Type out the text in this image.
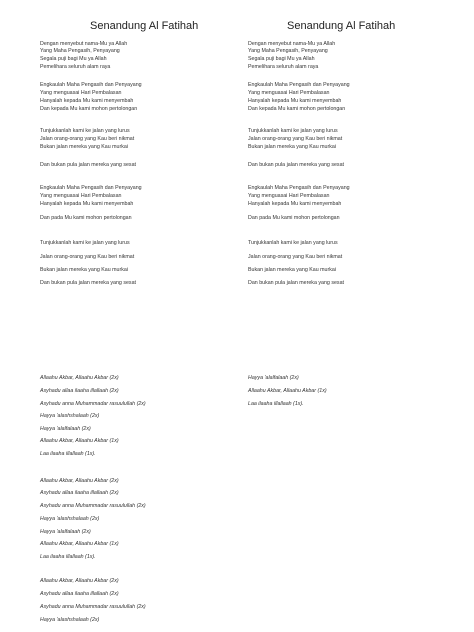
Senandung Al Fatihah	Senandung Al Fatihah
Dengan menyebut nama-Mu ya Allah
Yang Maha Pengasih, Penyayang
Segala puji bagi Mu ya Allah
Pemelihara seluruh alam raya
Engkaulah Maha Pengasih dan Penyayang
Yang menguasai Hari Pembalasan
Hanyalah kepada Mu kami menyembah
Dan kepada Mu kami mohon pertolongan
Tunjukkanlah kami ke jalan yang lurus
Jalan orang-orang yang Kau beri nikmat
Bukan jalan mereka yang Kau murkai
Dan bukan pula jalan mereka yang sesat
Engkaulah Maha Pengasih dan Penyayang
Yang menguasai Hari Pembalasan
Hanyalah kepada Mu kami menyembah
Dan pada Mu kami mohon pertolongan
Tunjukkanlah kami ke jalan yang lurus
Jalan orang-orang yang Kau beri nikmat
Bukan jalan mereka yang Kau murkai
Dan bukan pula jalan mereka yang sesat
Dengan menyebut nama-Mu ya Allah
Yang Maha Pengasih, Penyayang
Segala puji bagi Mu ya Allah
Pemelihara seluruh alam raya
Engkaulah Maha Pengasih dan Penyayang
Yang menguasai Hari Pembalasan
Hanyalah kepada Mu kami menyembah
Dan kepada Mu kami mohon pertolongan
Tunjukkanlah kami ke jalan yang lurus
Jalan orang-orang yang Kau beri nikmat
Bukan jalan mereka yang Kau murkai
Dan bukan pula jalan mereka yang sesat
Engkaulah Maha Pengasih dan Penyayang
Yang menguasai Hari Pembalasan
Hanyalah kepada Mu kami menyembah
Dan pada Mu kami mohon pertolongan
Tunjukkanlah kami ke jalan yang lurus
Jalan orang-orang yang Kau beri nikmat
Bukan jalan mereka yang Kau murkai
Dan bukan pula jalan mereka yang sesat
Allaahu Akbar, Allaahu Akbar (2x)
Asyhadu allaa ilaaha illallaah (2x)
Asyhadu anna Muhammadar rasuulullah (2x)
Hayya 'alashshalaah (2x)
Hayya 'alalfalaah (2x)
Allaahu Akbar, Allaahu Akbar (1x)
Laa ilaaha illallaah (1x).
Allaahu Akbar, Allaahu Akbar (2x)
Asyhadu allaa ilaaha illallaah (2x)
Asyhadu anna Muhammadar rasuulullah (2x)
Hayya 'alashshalaah (2x)
Hayya 'alalfalaah (2x)
Allaahu Akbar, Allaahu Akbar (1x)
Laa ilaaha illallaah (1x).
Allaahu Akbar, Allaahu Akbar (2x)
Asyhadu allaa ilaaha illallaah (2x)
Asyhadu anna Muhammadar rasuulullah (2x)
Hayya 'alashshalaah (2x)
Hayya 'alalfalaah (2x)
Allaahu Akbar, Allaahu Akbar (1x)
Laa ilaaha illallaah (1x).
